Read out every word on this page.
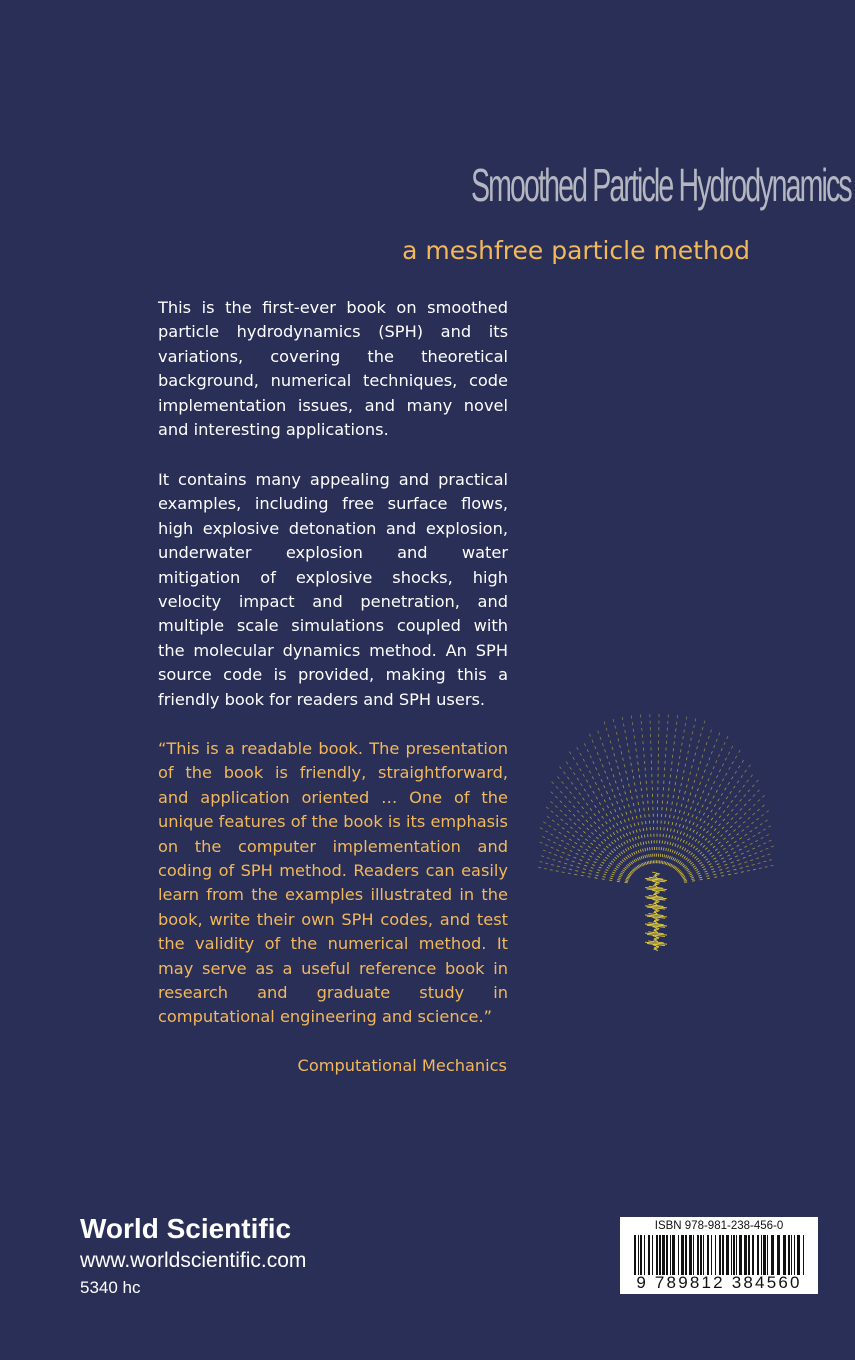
Smoothed Particle Hydrodynamics
a meshfree particle method

This is the first-ever book on smoothed particle hydrodynamics (SPH) and its variations, covering the theoretical background, numerical techniques, code implementation issues, and many novel and interesting applications.

It contains many appealing and practical examples, including free surface flows, high explosive detonation and explosion, underwater explosion and water mitigation of explosive shocks, high velocity impact and penetration, and multiple scale simulations coupled with the molecular dynamics method. An SPH source code is provided, making this a friendly book for readers and SPH users.

“This is a readable book. The presentation of the book is friendly, straightforward, and application oriented … One of the unique features of the book is its emphasis on the computer implementation and coding of SPH method. Readers can easily learn from the examples illustrated in the book, write their own SPH codes, and test the validity of the numerical method. It may serve as a useful reference book in research and graduate study in computational engineering and science.”

Computational Mechanics
World Scientific
www.worldscientific.com
5340 hc
ISBN 978-981-238-456-0
9 789812 384560
